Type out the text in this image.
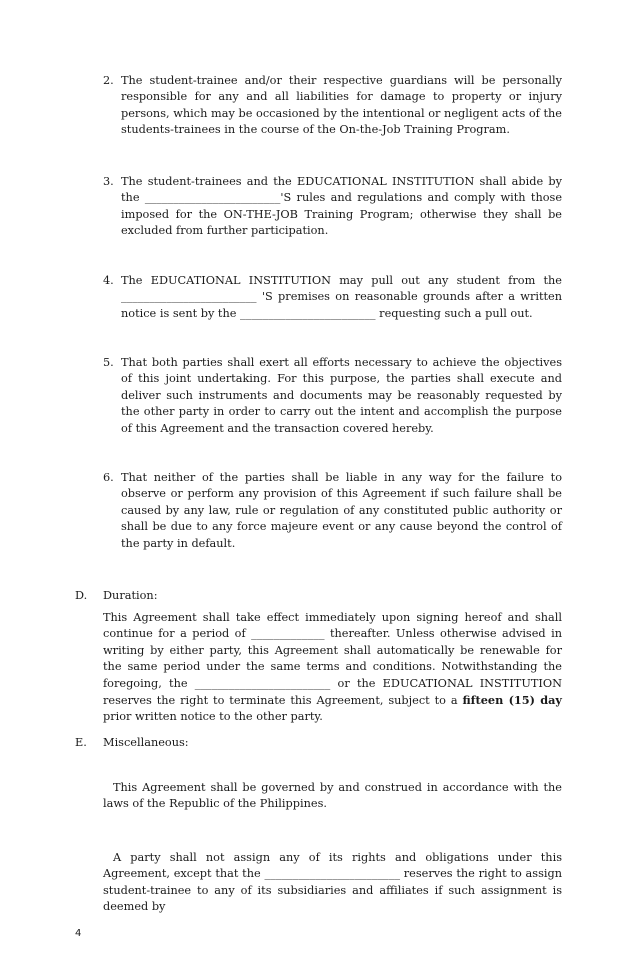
2. The student-trainee and/or their respective guardians will be personally responsible for any and all liabilities for damage to property or injury persons, which may be occasioned by the intentional or negligent acts of the students-trainees in the course of the On-the-Job Training Program.

3. The student-trainees and the EDUCATIONAL INSTITUTION shall abide by the ________________________'S rules and regulations and comply with those imposed for the ON-THE-JOB Training Program; otherwise they shall be excluded from further participation.

4. The EDUCATIONAL INSTITUTION may pull out any student from the ________________________ 'S premises on reasonable grounds after a written notice is sent by the ________________________ requesting such a pull out.

5. That both parties shall exert all efforts necessary to achieve the objectives of this joint undertaking. For this purpose, the parties shall execute and deliver such instruments and documents may be reasonably requested by the other party in order to carry out the intent and accomplish the purpose of this Agreement and the transaction covered hereby.

6. That neither of the parties shall be liable in any way for the failure to observe or perform any provision of this Agreement if such failure shall be caused by any law, rule or regulation of any constituted public authority or shall be due to any force majeure event or any cause beyond the control of the party in default.

D. Duration:

This Agreement shall take effect immediately upon signing hereof and shall continue for a period of _____________ thereafter. Unless otherwise advised in writing by either party, this Agreement shall automatically be renewable for the same period under the same terms and conditions. Notwithstanding the foregoing, the ________________________ or the EDUCATIONAL INSTITUTION reserves the right to terminate this Agreement, subject to a fifteen (15) day prior written notice to the other party.

E. Miscellaneous:

This Agreement shall be governed by and construed in accordance with the laws of the Republic of the Philippines.

A party shall not assign any of its rights and obligations under this Agreement, except that the ________________________ reserves the right to assign student-trainee to any of its subsidiaries and affiliates if such assignment is deemed by

4
